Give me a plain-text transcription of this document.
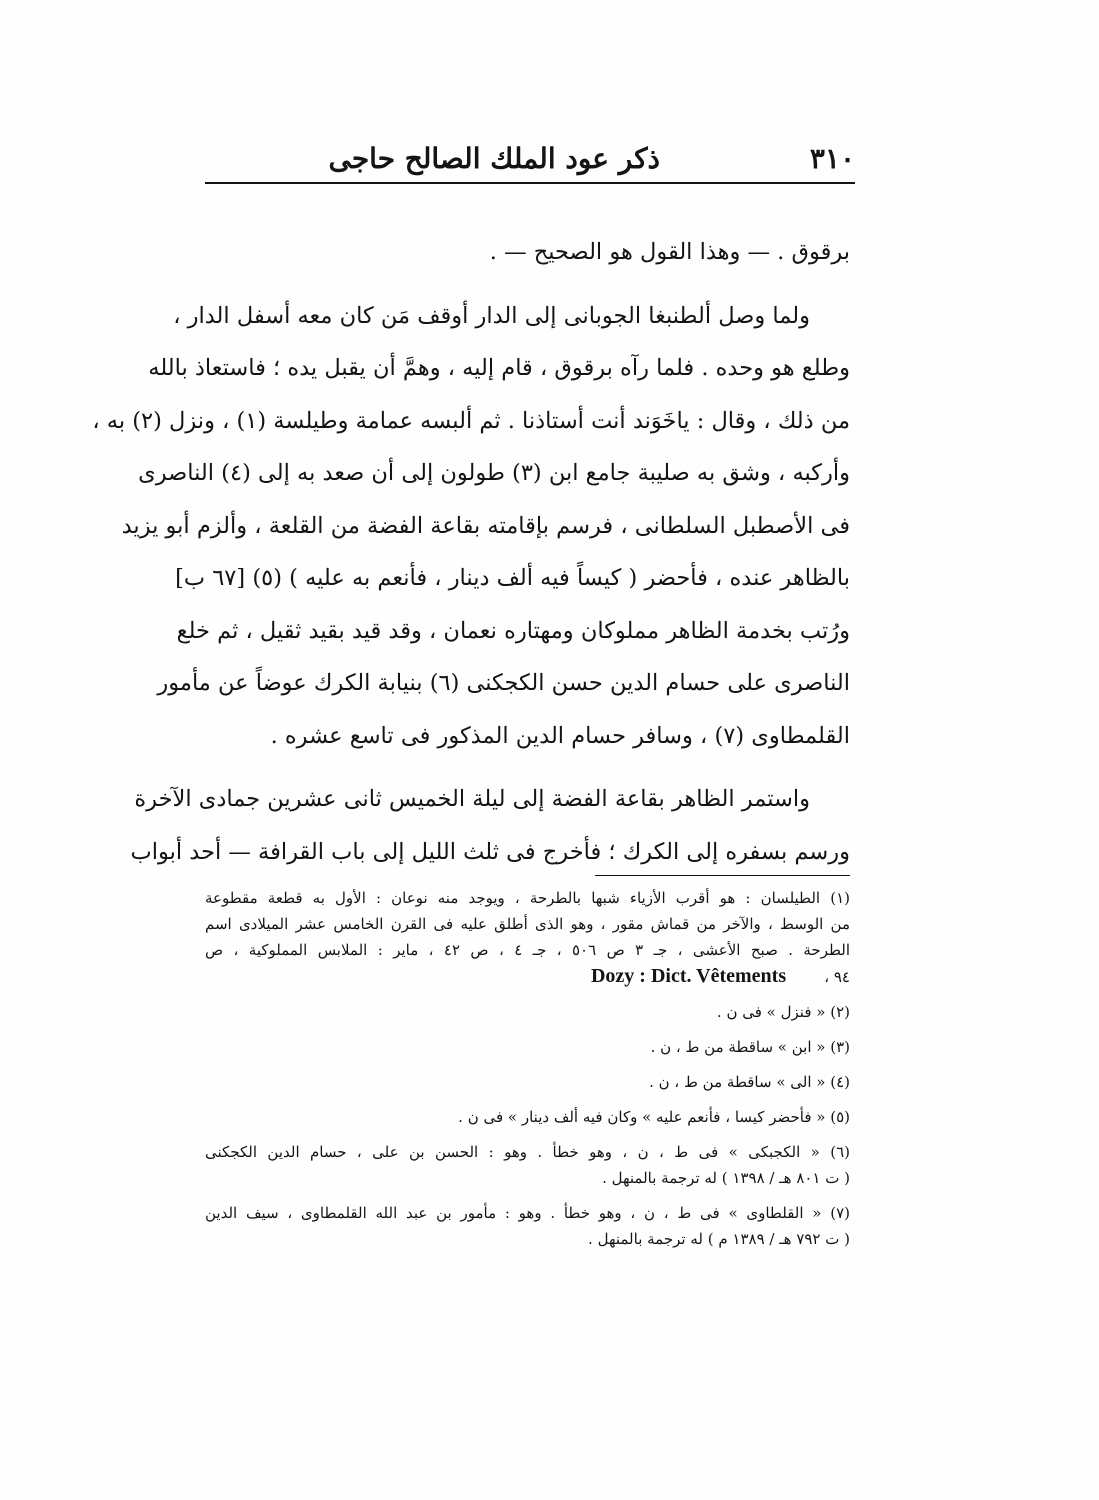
٣١٠
ذكر عود الملك الصالح حاجى

برقوق . — وهذا القول هو الصحيح — .

ولما وصل ألطنبغا الجوبانى إلى الدار أوقف مَن كان معه أسفل الدار ،
وطلع هو وحده . فلما رآه برقوق ، قام إليه ، وهمَّ أن يقبل يده ؛ فاستعاذ بالله
من ذلك ، وقال : ياخَوَند أنت أستاذنا . ثم ألبسه عمامة وطيلسة (١) ، ونزل (٢) به ،
وأركبه ، وشق به صليبة جامع ابن (٣) طولون إلى أن صعد به إلى (٤) الناصرى
فى الأصطبل السلطانى ، فرسم بإقامته بقاعة الفضة من القلعة ، وألزم أبو يزيد
بالظاهر عنده ، فأحضر ( كيساً فيه ألف دينار ، فأنعم به عليه ) (٥) [٦٧ ب]
ورُتب بخدمة الظاهر مملوكان ومهتاره نعمان ، وقد قيد بقيد ثقيل ، ثم خلع
الناصرى على حسام الدين حسن الكجكنى (٦) بنيابة الكرك عوضاً عن مأمور
القلمطاوى (٧) ، وسافر حسام الدين المذكور فى تاسع عشره .

واستمر الظاهر بقاعة الفضة إلى ليلة الخميس ثانى عشرين جمادى الآخرة
ورسم بسفره إلى الكرك ؛ فأخرج فى ثلث الليل إلى باب القرافة — أحد أبواب

(١) الطيلسان : هو أقرب الأزياء شبها بالطرحة ، ويوجد منه نوعان : الأول به قطعة مقطوعة
من الوسط ، والآخر من قماش مقور ، وهو الذى أطلق عليه فى القرن الخامس عشر الميلادى اسم
الطرحة . صبح الأعشى ، جـ ٣ ص ٥٠٦ ، جـ ٤ ، ص ٤٢ ، ماير : الملابس المملوكية ، ص
٩٤ ،        Dozy : Dict. Vêtements
(٢) « فنزل » فى ن .
(٣) « ابن » ساقطة من ط ، ن .
(٤) « الى » ساقطة من ط ، ن .
(٥) « فأحضر كيسا ، فأنعم عليه » وكان فيه ألف دينار » فى ن .
(٦) « الكجبكى » فى ط ، ن ، وهو خطأ . وهو : الحسن بن على ، حسام الدين الكجكنى
( ت ٨٠١ هـ / ١٣٩٨ ) له ترجمة بالمنهل .
(٧) « القلطاوى » فى ط ، ن ، وهو خطأ . وهو : مأمور بن عبد الله القلمطاوى ، سيف الدين
( ت ٧٩٢ هـ / ١٣٨٩ م ) له ترجمة بالمنهل .
